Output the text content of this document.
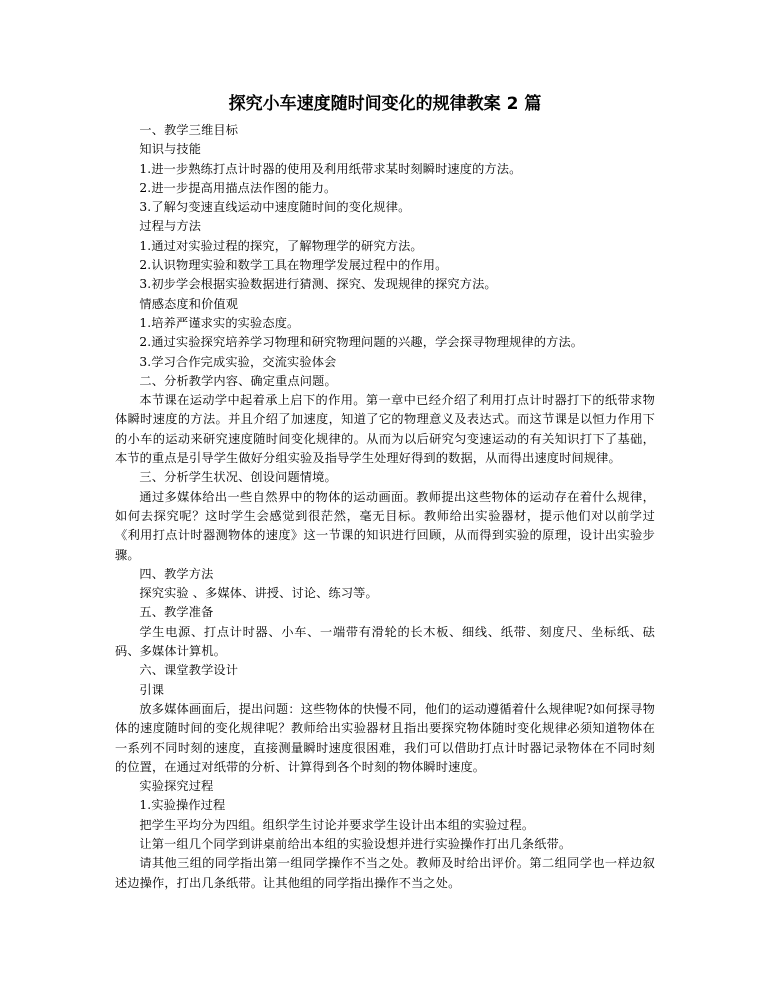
探究小车速度随时间变化的规律教案 2 篇

一、教学三维目标

知识与技能

1.进一步熟练打点计时器的使用及利用纸带求某时刻瞬时速度的方法。

2.进一步提高用描点法作图的能力。

3.了解匀变速直线运动中速度随时间的变化规律。

过程与方法

1.通过对实验过程的探究，了解物理学的研究方法。

2.认识物理实验和数学工具在物理学发展过程中的作用。

3.初步学会根据实验数据进行猜测、探究、发现规律的探究方法。

情感态度和价值观

1.培养严谨求实的实验态度。

2.通过实验探究培养学习物理和研究物理问题的兴趣，学会探寻物理规律的方法。

3.学习合作完成实验，交流实验体会

二、分析教学内容、确定重点问题。

本节课在运动学中起着承上启下的作用。第一章中已经介绍了利用打点计时器打下的纸带求物体瞬时速度的方法。并且介绍了加速度，知道了它的物理意义及表达式。而这节课是以恒力作用下的小车的运动来研究速度随时间变化规律的。从而为以后研究匀变速运动的有关知识打下了基础，本节的重点是引导学生做好分组实验及指导学生处理好得到的数据，从而得出速度时间规律。

三、分析学生状况、创设问题情境。

通过多媒体给出一些自然界中的物体的运动画面。教师提出这些物体的运动存在着什么规律，如何去探究呢？这时学生会感觉到很茫然，毫无目标。教师给出实验器材，提示他们对以前学过《利用打点计时器测物体的速度》这一节课的知识进行回顾，从而得到实验的原理，设计出实验步骤。

四、教学方法

探究实验 、多媒体、讲授、讨论、练习等。

五、教学准备

学生电源、打点计时器、小车、一端带有滑轮的长木板、细线、纸带、刻度尺、坐标纸、砝码、多媒体计算机。

六、课堂教学设计

引课

放多媒体画面后，提出问题：这些物体的快慢不同，他们的运动遵循着什么规律呢?如何探寻物体的速度随时间的变化规律呢？教师给出实验器材且指出要探究物体随时变化规律必须知道物体在一系列不同时刻的速度，直接测量瞬时速度很困难，我们可以借助打点计时器记录物体在不同时刻的位置，在通过对纸带的分析、计算得到各个时刻的物体瞬时速度。

实验探究过程

1.实验操作过程

把学生平均分为四组。组织学生讨论并要求学生设计出本组的实验过程。

让第一组几个同学到讲桌前给出本组的实验设想并进行实验操作打出几条纸带。

请其他三组的同学指出第一组同学操作不当之处。教师及时给出评价。第二组同学也一样边叙述边操作，打出几条纸带。让其他组的同学指出操作不当之处。
